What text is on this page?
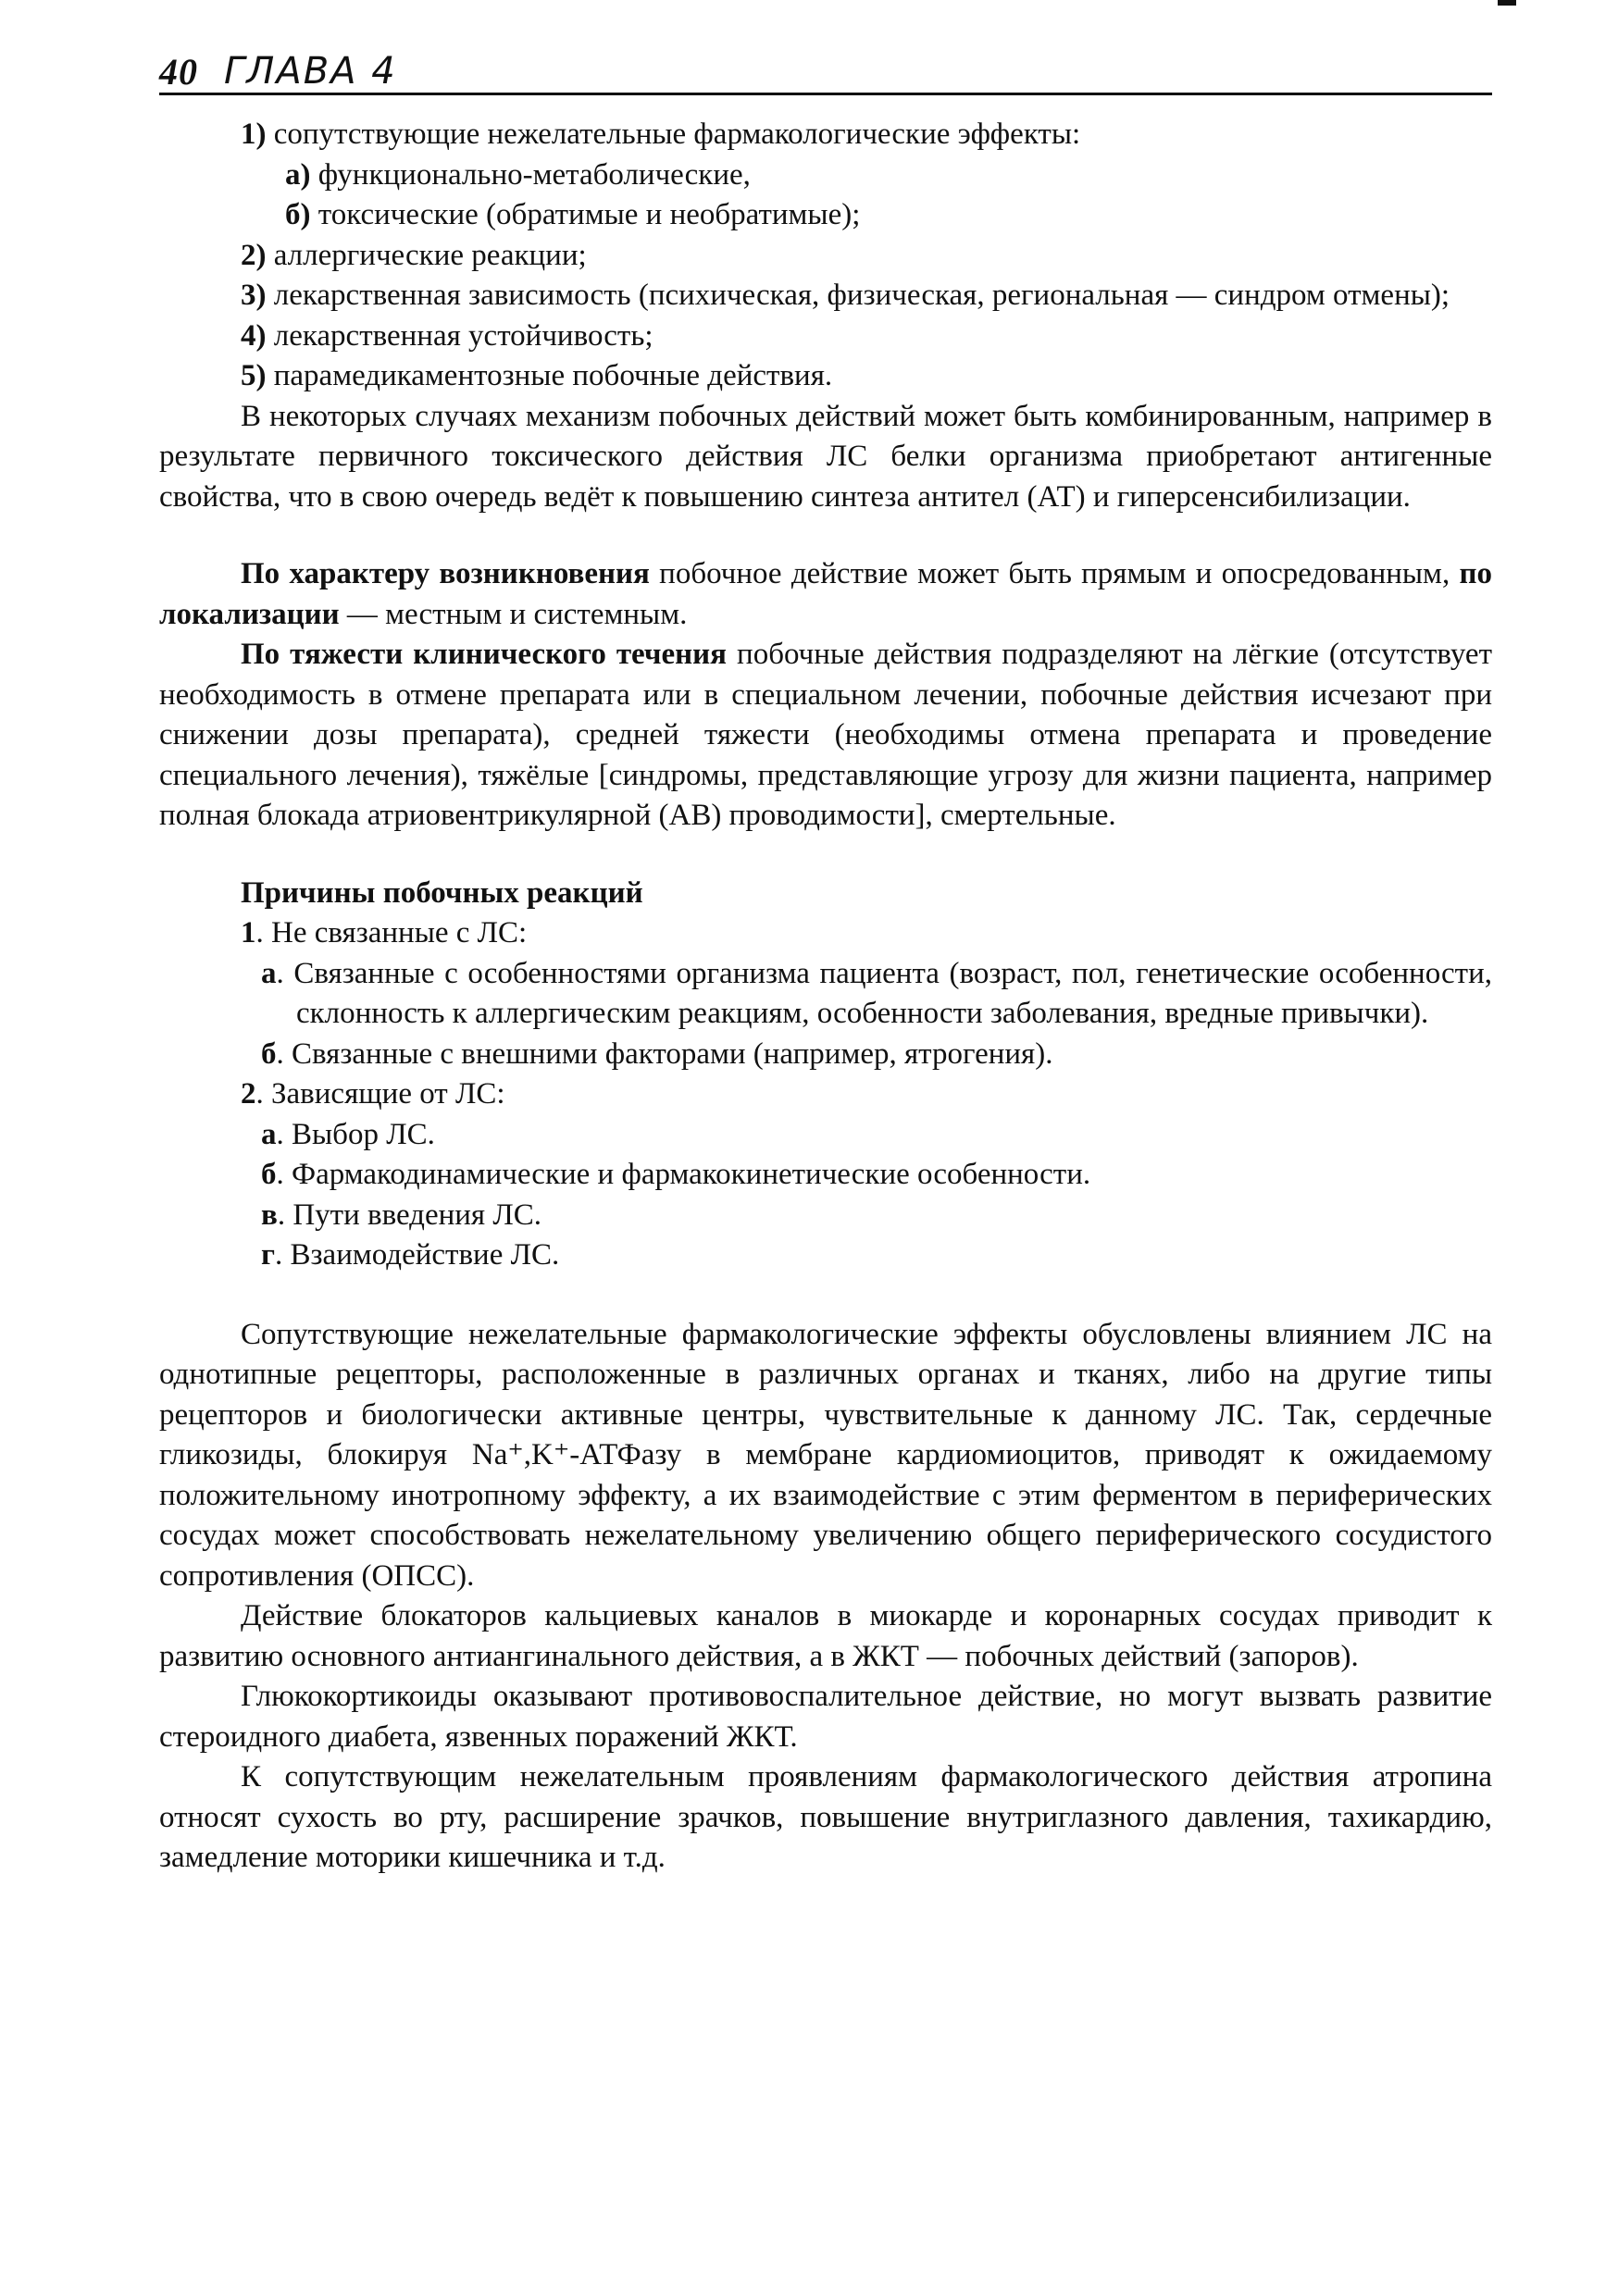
40 ГЛАВА 4

1) сопутствующие нежелательные фармакологические эффекты:

а) функционально-метаболические,

б) токсические (обратимые и необратимые);

2) аллергические реакции;

3) лекарственная зависимость (психическая, физическая, региональная — синдром отмены);

4) лекарственная устойчивость;

5) парамедикаментозные побочные действия.

В некоторых случаях механизм побочных действий может быть комбинированным, например в результате первичного токсического действия ЛС белки организма приобретают антигенные свойства, что в свою очередь ведёт к повышению синтеза антител (АТ) и гиперсенсибилизации.

По характеру возникновения побочное действие может быть прямым и опосредованным, по локализации — местным и системным.

По тяжести клинического течения побочные действия подразделяют на лёгкие (отсутствует необходимость в отмене препарата или в специальном лечении, побочные действия исчезают при снижении дозы препарата), средней тяжести (необходимы отмена препарата и проведение специального лечения), тяжёлые [синдромы, представляющие угрозу для жизни пациента, например полная блокада атриовентрикулярной (АВ) проводимости], смертельные.

Причины побочных реакций

1. Не связанные с ЛС:

а. Связанные с особенностями организма пациента (возраст, пол, генетические особенности, склонность к аллергическим реакциям, особенности заболевания, вредные привычки).

б. Связанные с внешними факторами (например, ятрогения).

2. Зависящие от ЛС:

а. Выбор ЛС.

б. Фармакодинамические и фармакокинетические особенности.

в. Пути введения ЛС.

г. Взаимодействие ЛС.

Сопутствующие нежелательные фармакологические эффекты обусловлены влиянием ЛС на однотипные рецепторы, расположенные в различных органах и тканях, либо на другие типы рецепторов и биологически активные центры, чувствительные к данному ЛС. Так, сердечные гликозиды, блокируя Na⁺,K⁺-АТФазу в мембране кардиомиоцитов, приводят к ожидаемому положительному инотропному эффекту, а их взаимодействие с этим ферментом в периферических сосудах может способствовать нежелательному увеличению общего периферического сосудистого сопротивления (ОПСС).

Действие блокаторов кальциевых каналов в миокарде и коронарных сосудах приводит к развитию основного антиангинального действия, а в ЖКТ — побочных действий (запоров).

Глюкокортикоиды оказывают противовоспалительное действие, но могут вызвать развитие стероидного диабета, язвенных поражений ЖКТ.

К сопутствующим нежелательным проявлениям фармакологического действия атропина относят сухость во рту, расширение зрачков, повышение внутриглазного давления, тахикардию, замедление моторики кишечника и т.д.
